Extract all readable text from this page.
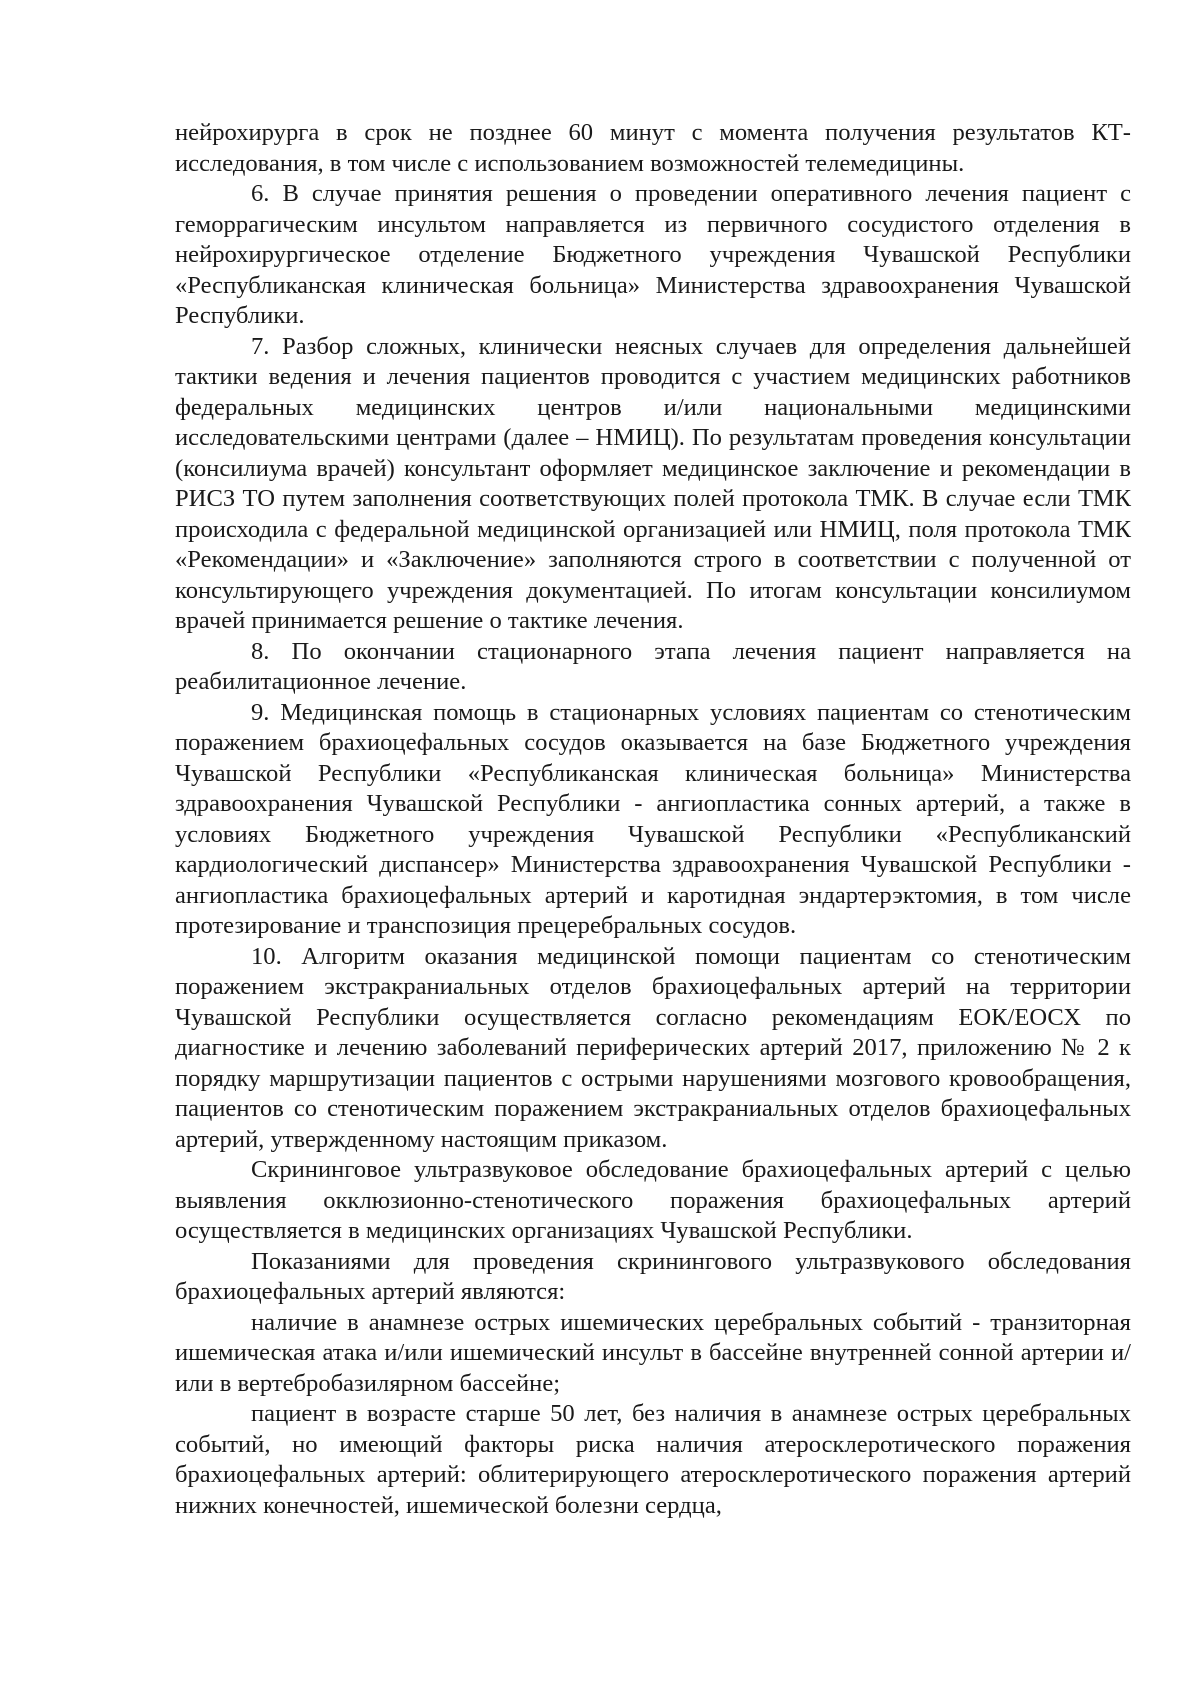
нейрохирурга в срок не позднее 60 минут с момента получения результатов КТ-исследования, в том числе с использованием возможностей телемедицины.

6. В случае принятия решения о проведении оперативного лечения пациент с геморрагическим инсультом направляется из первичного сосудистого отделения в нейрохирургическое отделение Бюджетного учреждения Чувашской Республики «Республиканская клиническая больница» Министерства здравоохранения Чувашской Республики.

7. Разбор сложных, клинически неясных случаев для определения дальнейшей тактики ведения и лечения пациентов проводится с участием медицинских работников федеральных медицинских центров и/или национальными медицинскими исследовательскими центрами (далее – НМИЦ). По результатам проведения консультации (консилиума врачей) консультант оформляет медицинское заключение и рекомендации в РИСЗ ТО путем заполнения соответствующих полей протокола ТМК. В случае если ТМК происходила с федеральной медицинской организацией или НМИЦ, поля протокола ТМК «Рекомендации» и «Заключение» заполняются строго в соответствии с полученной от консультирующего учреждения документацией. По итогам консультации консилиумом врачей принимается решение о тактике лечения.

8. По окончании стационарного этапа лечения пациент направляется на реабилитационное лечение.

9. Медицинская помощь в стационарных условиях пациентам со стенотическим поражением брахиоцефальных сосудов оказывается на базе Бюджетного учреждения Чувашской Республики «Республиканская клиническая больница» Министерства здравоохранения Чувашской Республики - ангиопластика сонных артерий, а также в условиях Бюджетного учреждения Чувашской Республики «Республиканский кардиологический диспансер» Министерства здравоохранения Чувашской Республики - ангиопластика брахиоцефальных артерий и каротидная эндартерэктомия, в том числе протезирование и транспозиция прецеребральных сосудов.

10. Алгоритм оказания медицинской помощи пациентам со стенотическим поражением экстракраниальных отделов брахиоцефальных артерий на территории Чувашской Республики осуществляется согласно рекомендациям ЕОК/ЕОСХ по диагностике и лечению заболеваний периферических артерий 2017, приложению № 2 к порядку маршрутизации пациентов с острыми нарушениями мозгового кровообращения, пациентов со стенотическим поражением экстракраниальных отделов брахиоцефальных артерий, утвержденному настоящим приказом.

Скрининговое ультразвуковое обследование брахиоцефальных артерий с целью выявления окклюзионно-стенотического поражения брахиоцефальных артерий осуществляется в медицинских организациях Чувашской Республики.

Показаниями для проведения скринингового ультразвукового обследования брахиоцефальных артерий являются:

наличие в анамнезе острых ишемических церебральных событий - транзиторная ишемическая атака и/или ишемический инсульт в бассейне внутренней сонной артерии и/или в вертебробазилярном бассейне;

пациент в возрасте старше 50 лет, без наличия в анамнезе острых церебральных событий, но имеющий факторы риска наличия атеросклеротического поражения брахиоцефальных артерий: облитерирующего атеросклеротического поражения артерий нижних конечностей, ишемической болезни сердца,
